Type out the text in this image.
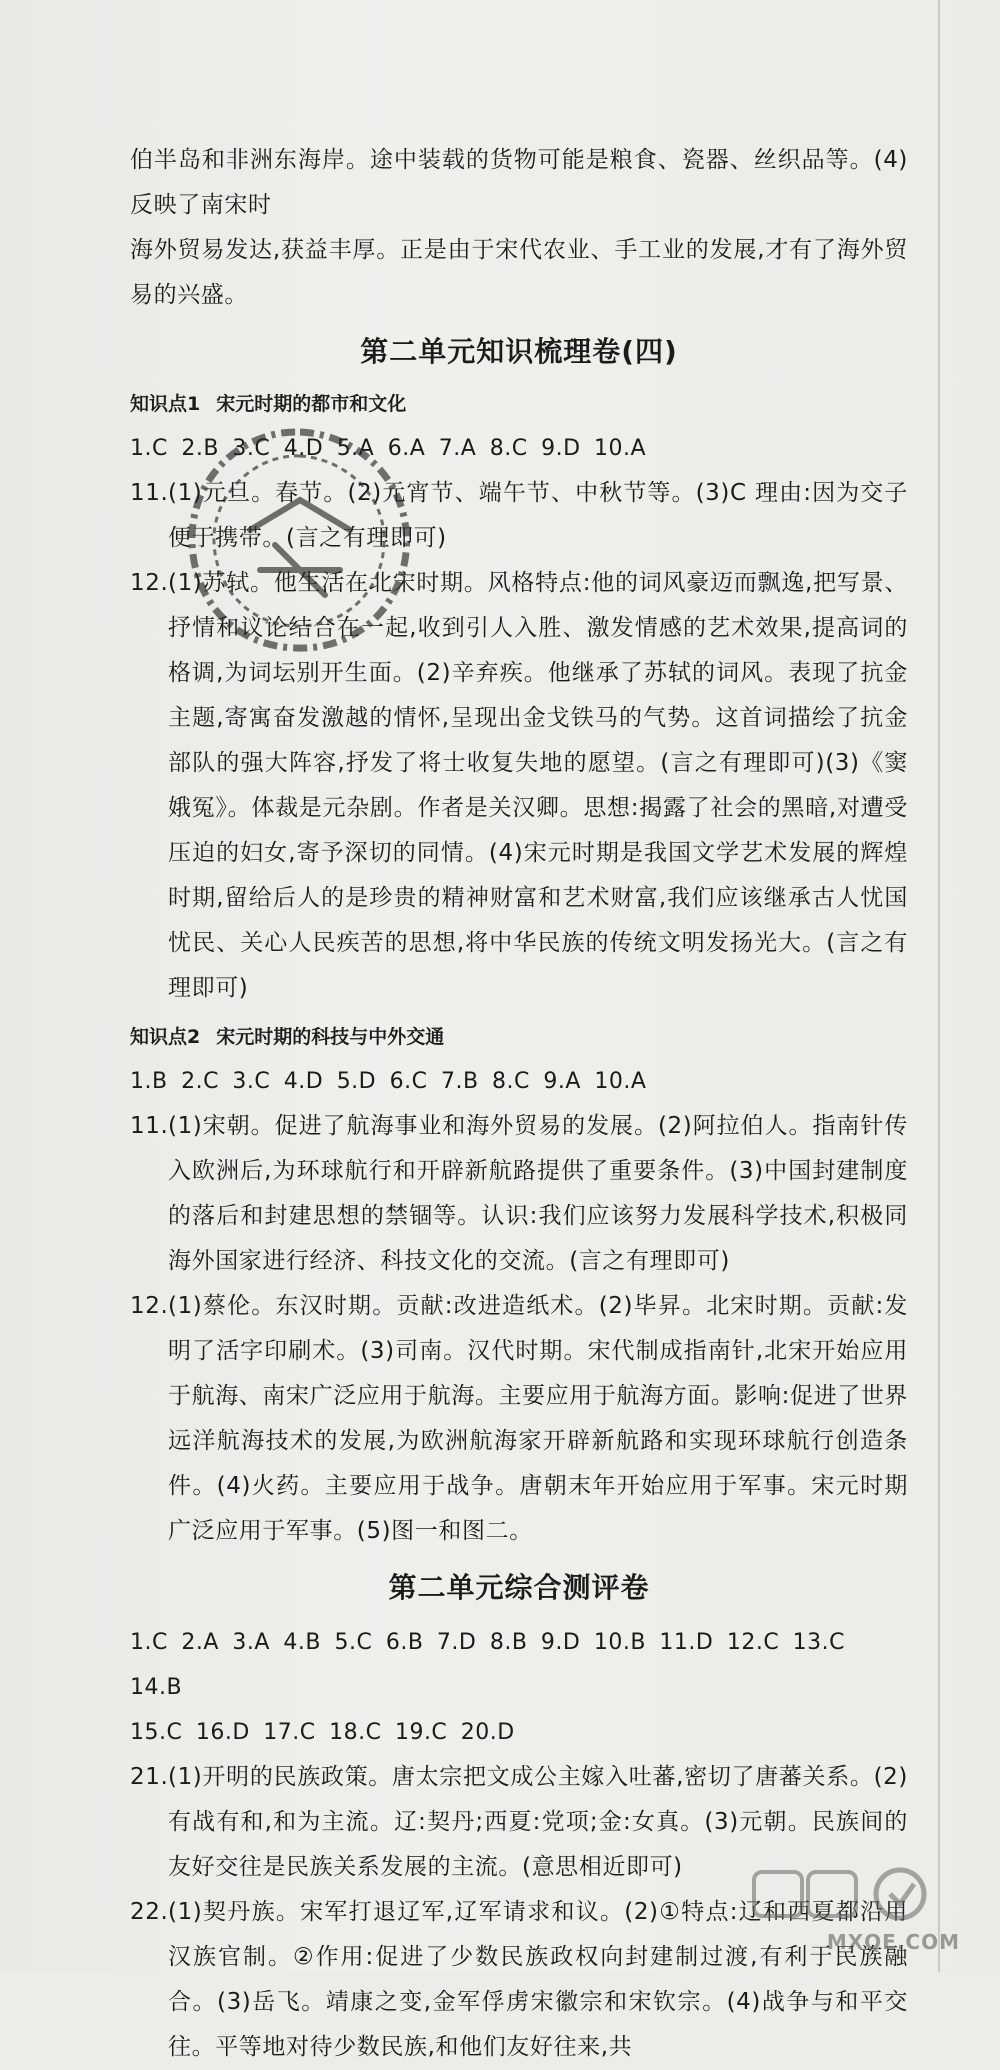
伯半岛和非洲东海岸。途中装载的货物可能是粮食、瓷器、丝织品等。(4)反映了南宋时

海外贸易发达,获益丰厚。正是由于宋代农业、手工业的发展,才有了海外贸易的兴盛。

第二单元知识梳理卷(四)
知识点1 宋元时期的都市和文化

1.C 2.B 3.C 4.D 5.A 6.A 7.A 8.C 9.D 10.A

11.(1)元旦。春节。(2)元宵节、端午节、中秋节等。(3)C 理由:因为交子便于携带。(言之有理即可)

12.(1)苏轼。他生活在北宋时期。风格特点:他的词风豪迈而飘逸,把写景、抒情和议论结合在一起,收到引人入胜、激发情感的艺术效果,提高词的格调,为词坛别开生面。(2)辛弃疾。他继承了苏轼的词风。表现了抗金主题,寄寓奋发激越的情怀,呈现出金戈铁马的气势。这首词描绘了抗金部队的强大阵容,抒发了将士收复失地的愿望。(言之有理即可)(3)《窦娥冤》。体裁是元杂剧。作者是关汉卿。思想:揭露了社会的黑暗,对遭受压迫的妇女,寄予深切的同情。(4)宋元时期是我国文学艺术发展的辉煌时期,留给后人的是珍贵的精神财富和艺术财富,我们应该继承古人忧国忧民、关心人民疾苦的思想,将中华民族的传统文明发扬光大。(言之有理即可)

知识点2 宋元时期的科技与中外交通

1.B 2.C 3.C 4.D 5.D 6.C 7.B 8.C 9.A 10.A

11.(1)宋朝。促进了航海事业和海外贸易的发展。(2)阿拉伯人。指南针传入欧洲后,为环球航行和开辟新航路提供了重要条件。(3)中国封建制度的落后和封建思想的禁锢等。认识:我们应该努力发展科学技术,积极同海外国家进行经济、科技文化的交流。(言之有理即可)

12.(1)蔡伦。东汉时期。贡献:改进造纸术。(2)毕昇。北宋时期。贡献:发明了活字印刷术。(3)司南。汉代时期。宋代制成指南针,北宋开始应用于航海、南宋广泛应用于航海。主要应用于航海方面。影响:促进了世界远洋航海技术的发展,为欧洲航海家开辟新航路和实现环球航行创造条件。(4)火药。主要应用于战争。唐朝末年开始应用于军事。宋元时期广泛应用于军事。(5)图一和图二。

第二单元综合测评卷

1.C 2.A 3.A 4.B 5.C 6.B 7.D 8.B 9.D 10.B 11.D 12.C 13.C 14.B

15.C 16.D 17.C 18.C 19.C 20.D

21.(1)开明的民族政策。唐太宗把文成公主嫁入吐蕃,密切了唐蕃关系。(2)有战有和,和为主流。辽:契丹;西夏:党项;金:女真。(3)元朝。民族间的友好交往是民族关系发展的主流。(意思相近即可)

22.(1)契丹族。宋军打退辽军,辽军请求和议。(2)①特点:辽和西夏都沿用汉族官制。②作用:促进了少数民族政权向封建制过渡,有利于民族融合。(3)岳飞。靖康之变,金军俘虏宋徽宗和宋钦宗。(4)战争与和平交往。平等地对待少数民族,和他们友好往来,共

MXQE.COM
